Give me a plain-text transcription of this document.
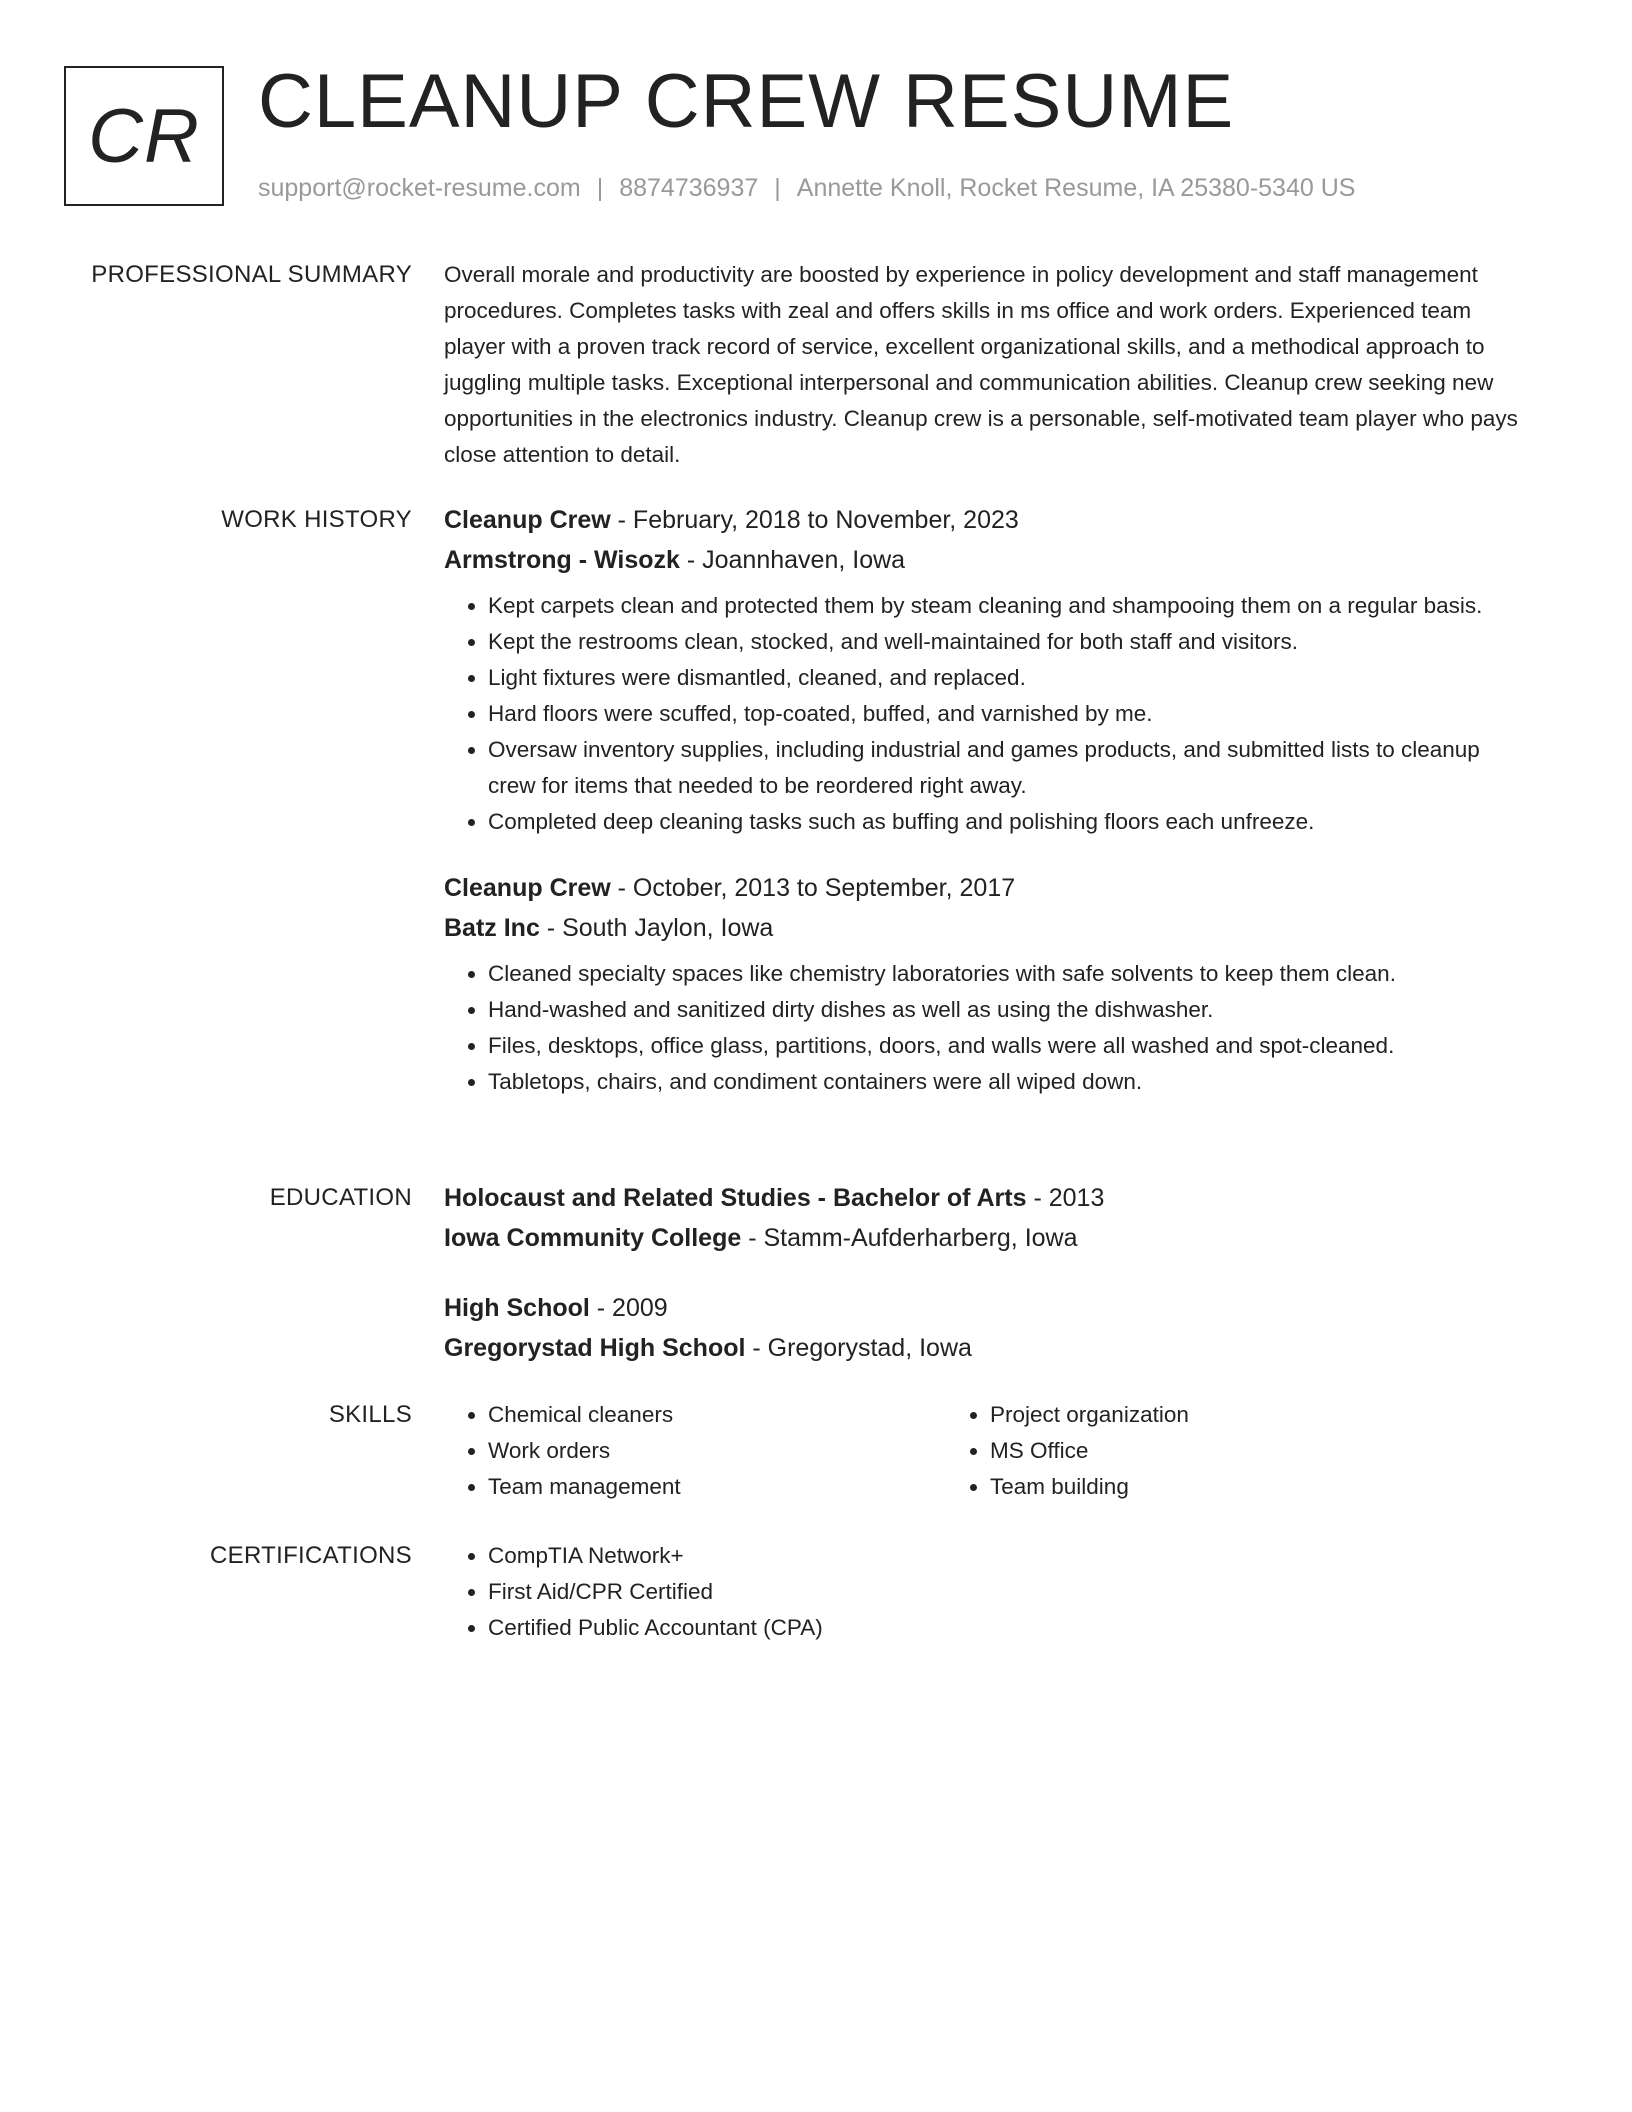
CR CLEANUP CREW RESUME
support@rocket-resume.com | 8874736937 | Annette Knoll, Rocket Resume, IA 25380-5340 US
PROFESSIONAL SUMMARY Overall morale and productivity are boosted by experience in policy development and staff management procedures. Completes tasks with zeal and offers skills in ms office and work orders. Experienced team player with a proven track record of service, excellent organizational skills, and a methodical approach to juggling multiple tasks. Exceptional interpersonal and communication abilities. Cleanup crew seeking new opportunities in the electronics industry. Cleanup crew is a personable, self-motivated team player who pays close attention to detail.

WORK HISTORY Cleanup Crew - February, 2018 to November, 2023

Armstrong - Wisozk - Joannhaven, Iowa

• Kept carpets clean and protected them by steam cleaning and shampooing them on a regular basis.
• Kept the restrooms clean, stocked, and well-maintained for both staff and visitors.
• Light fixtures were dismantled, cleaned, and replaced.
• Hard floors were scuffed, top-coated, buffed, and varnished by me.
• Oversaw inventory supplies, including industrial and games products, and submitted lists to cleanup crew for items that needed to be reordered right away.
• Completed deep cleaning tasks such as buffing and polishing floors each unfreeze.

Cleanup Crew - October, 2013 to September, 2017

Batz Inc - South Jaylon, Iowa

• Cleaned specialty spaces like chemistry laboratories with safe solvents to keep them clean.
• Hand-washed and sanitized dirty dishes as well as using the dishwasher.
• Files, desktops, office glass, partitions, doors, and walls were all washed and spot-cleaned.
• Tabletops, chairs, and condiment containers were all wiped down.
EDUCATION Holocaust and Related Studies - Bachelor of Arts - 2013

Iowa Community College - Stamm-Aufderharberg, Iowa

High School - 2009

Gregorystad High School - Gregorystad, Iowa

SKILLS	• Chemical cleaners
• Work orders
• Team management
• Project organization
• MS Office
• Team building
CERTIFICATIONS	• CompTIA Network+
• First Aid/CPR Certified
• Certified Public Accountant (CPA)
